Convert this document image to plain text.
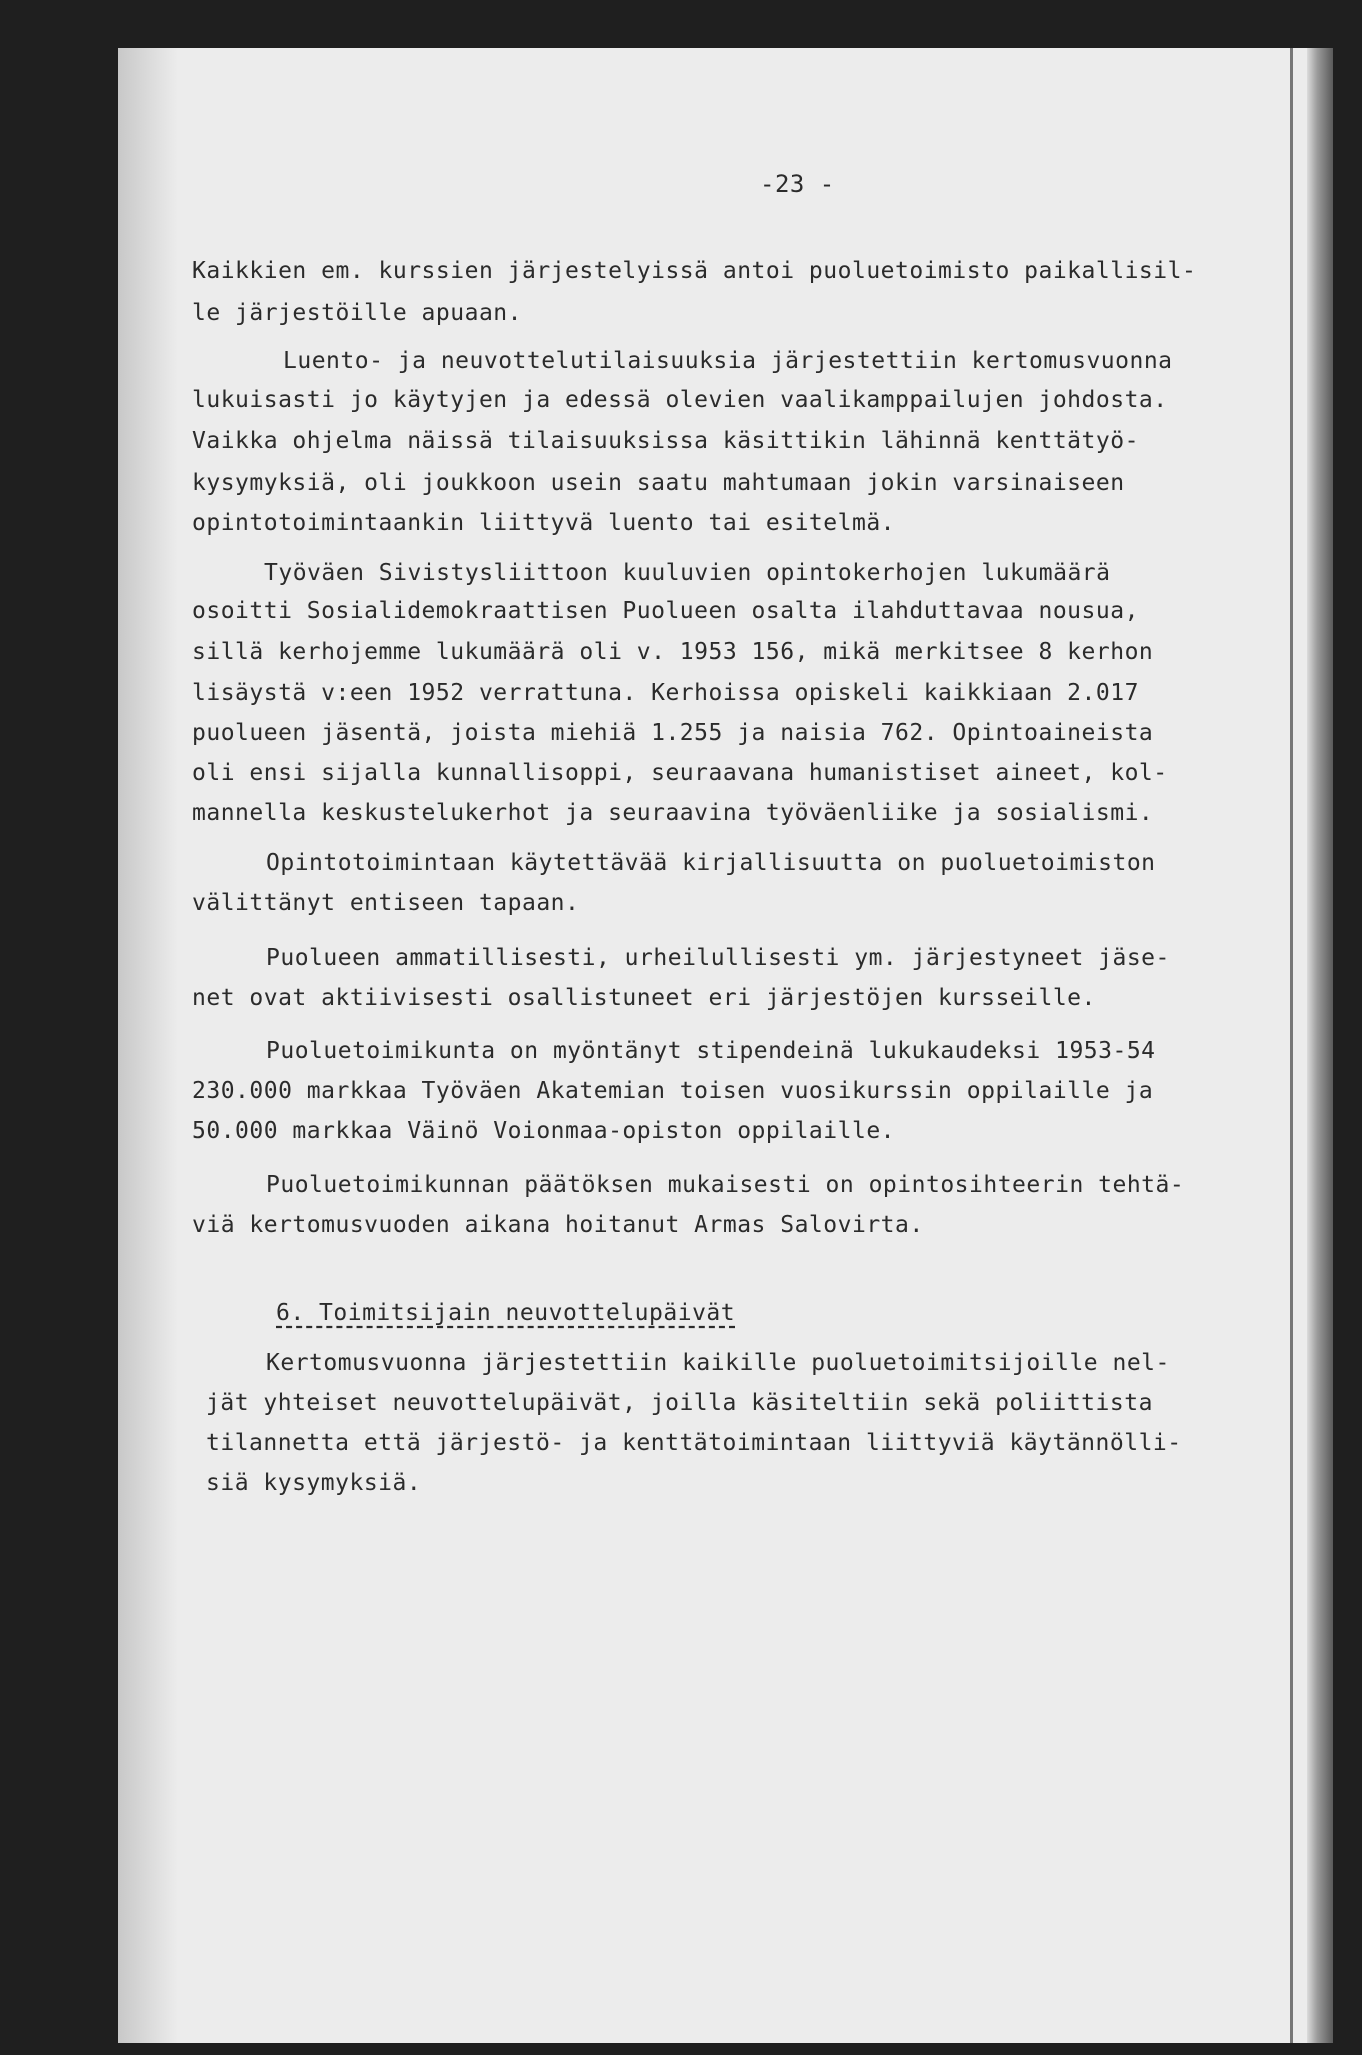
-23 -
Kaikkien em. kurssien järjestelyissä antoi puoluetoimisto paikallisil-
le järjestöille apuaan.
Luento- ja neuvottelutilaisuuksia järjestettiin kertomusvuonna
lukuisasti jo käytyjen ja edessä olevien vaalikamppailujen johdosta.
Vaikka ohjelma näissä tilaisuuksissa käsittikin lähinnä kenttätyö-
kysymyksiä, oli joukkoon usein saatu mahtumaan jokin varsinaiseen
opintotoimintaankin liittyvä luento tai esitelmä.
Työväen Sivistysliittoon kuuluvien opintokerhojen lukumäärä
osoitti Sosialidemokraattisen Puolueen osalta ilahduttavaa nousua,
sillä kerhojemme lukumäärä oli v. 1953 156, mikä merkitsee 8 kerhon
lisäystä v:een 1952 verrattuna. Kerhoissa opiskeli kaikkiaan 2.017
puolueen jäsentä, joista miehiä 1.255 ja naisia 762. Opintoaineista
oli ensi sijalla kunnallisoppi, seuraavana humanistiset aineet, kol-
mannella keskustelukerhot ja seuraavina työväenliike ja sosialismi.
Opintotoimintaan käytettävää kirjallisuutta on puoluetoimiston
välittänyt entiseen tapaan.
Puolueen ammatillisesti, urheilullisesti ym. järjestyneet jäse-
net ovat aktiivisesti osallistuneet eri järjestöjen kursseille.
Puoluetoimikunta on myöntänyt stipendeinä lukukaudeksi 1953-54
230.000 markkaa Työväen Akatemian toisen vuosikurssin oppilaille ja
50.000 markkaa Väinö Voionmaa-opiston oppilaille.
Puoluetoimikunnan päätöksen mukaisesti on opintosihteerin tehtä-
viä kertomusvuoden aikana hoitanut Armas Salovirta.
6. Toimitsijain neuvottelupäivät
Kertomusvuonna järjestettiin kaikille puoluetoimitsijoille nel-
jät yhteiset neuvottelupäivät, joilla käsiteltiin sekä poliittista
tilannetta että järjestö- ja kenttätoimintaan liittyviä käytännölli-
siä kysymyksiä.
